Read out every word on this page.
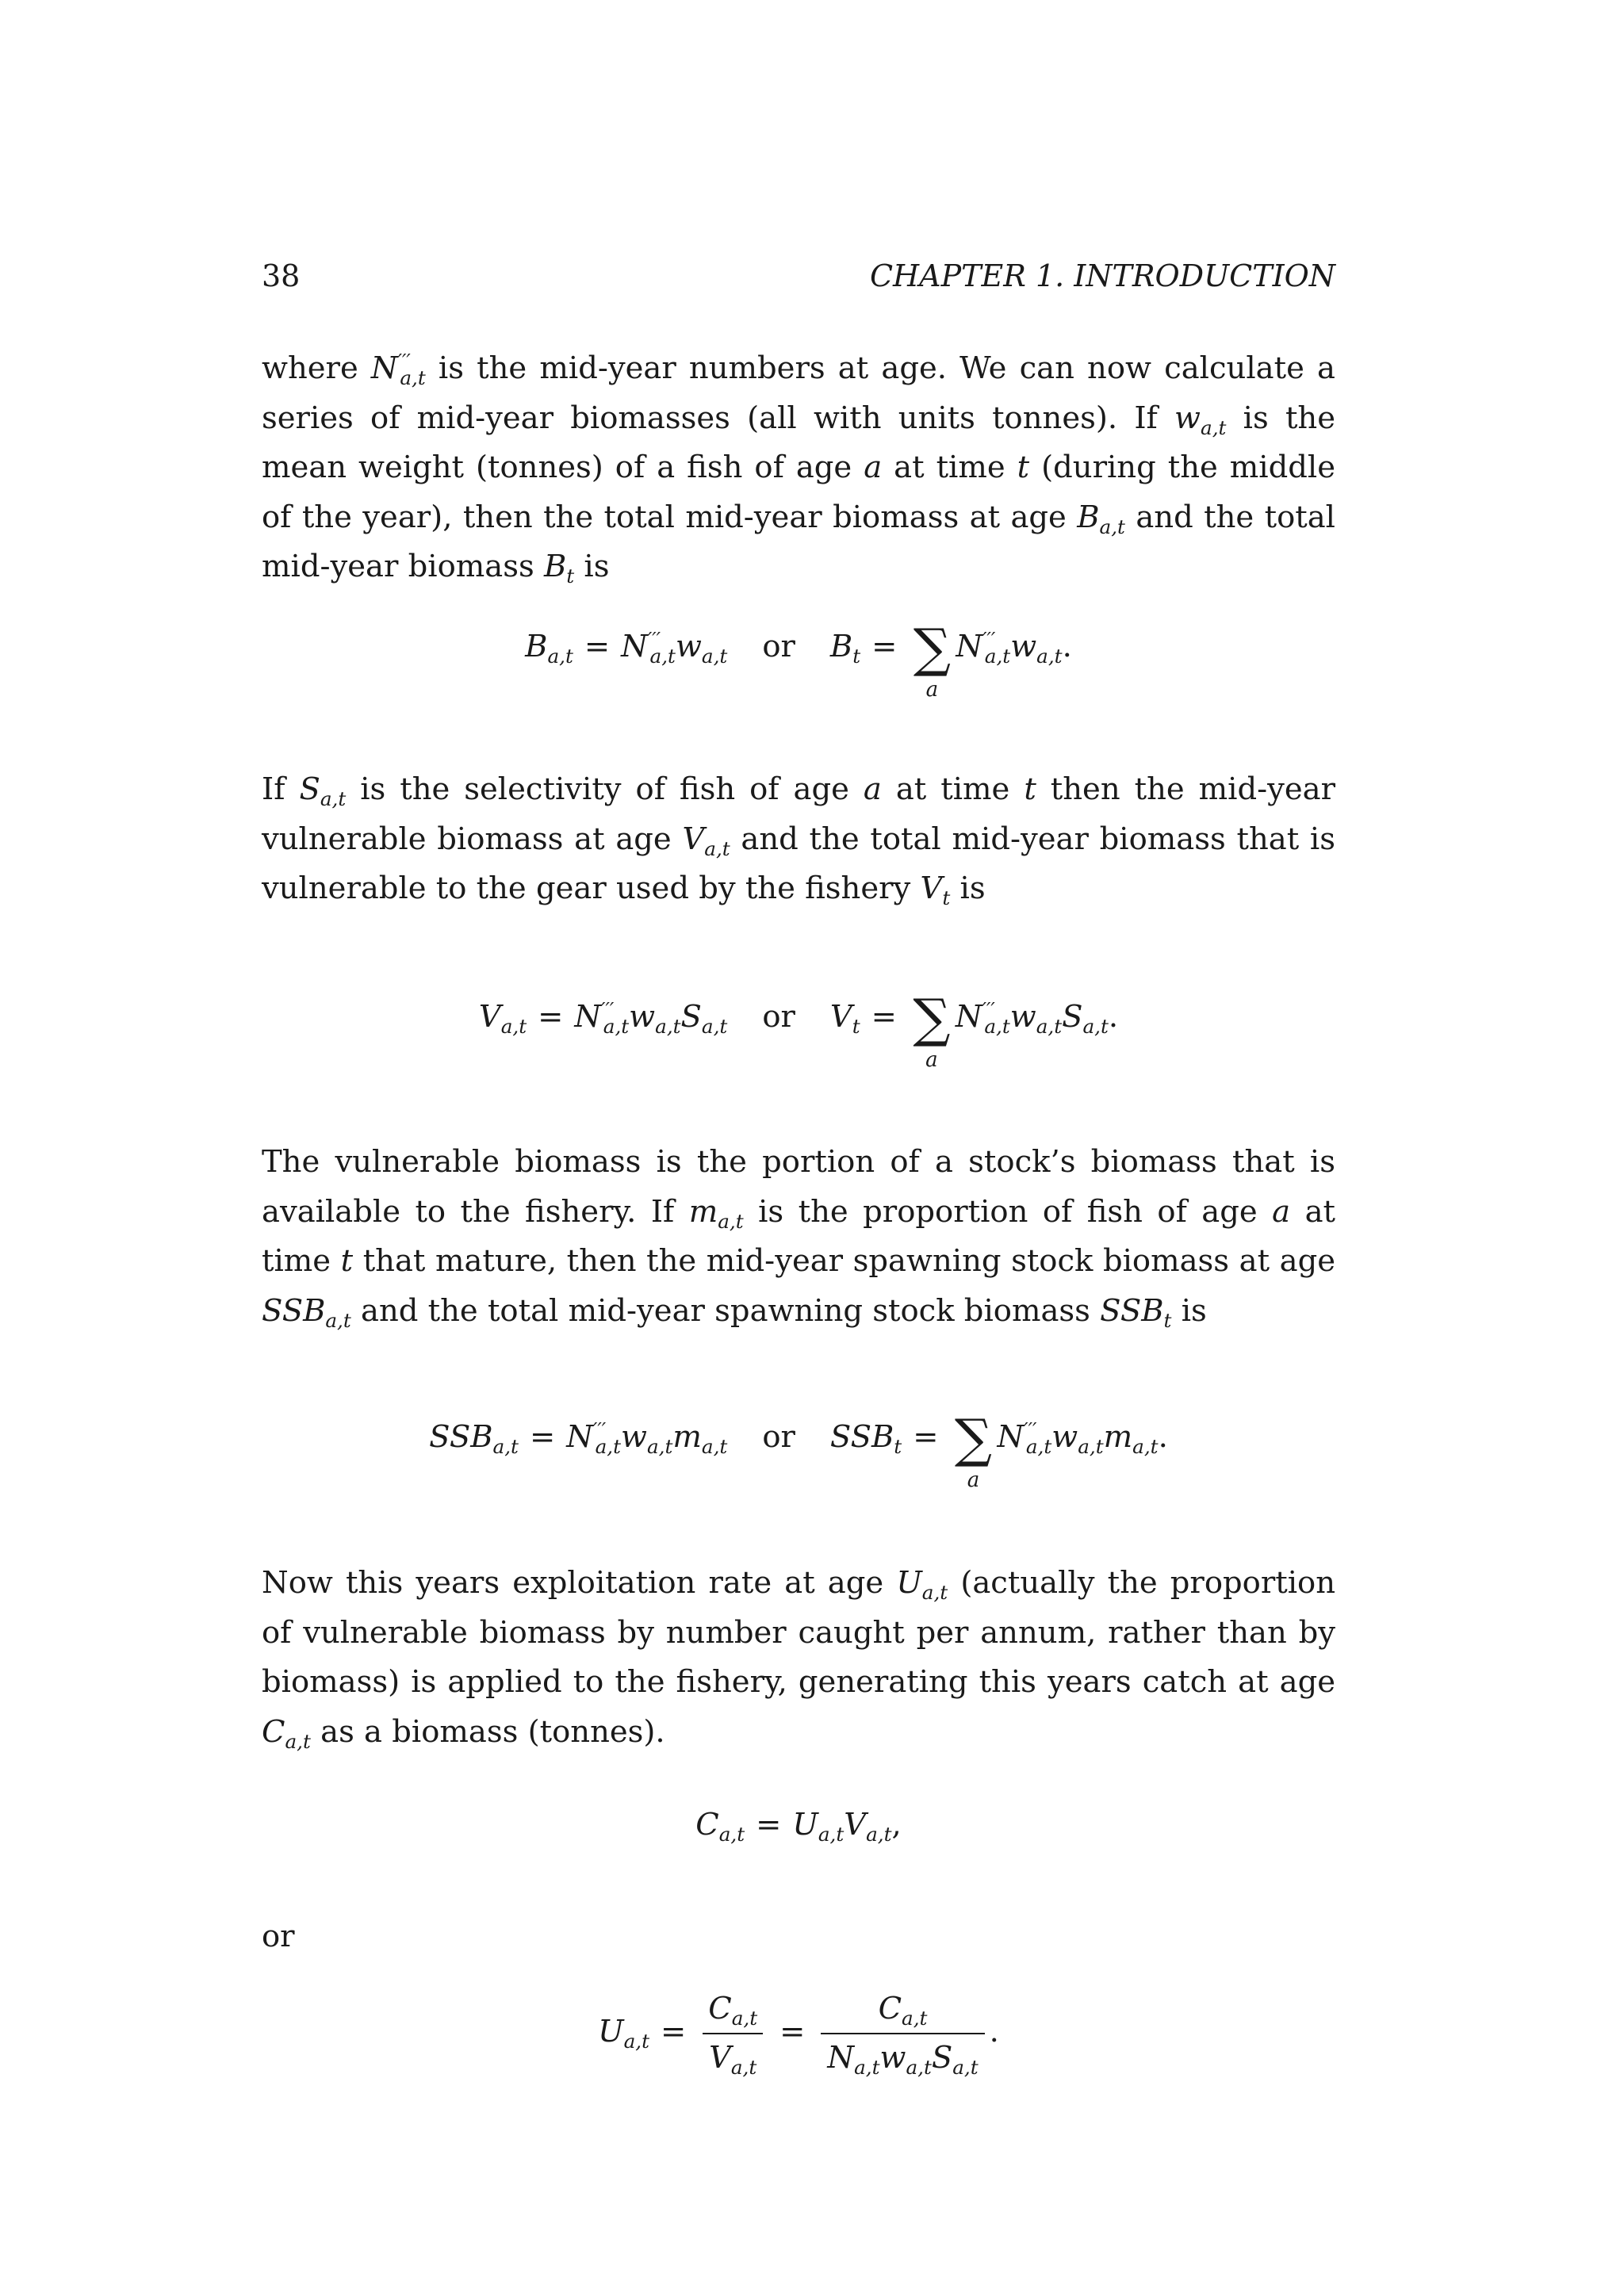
38	CHAPTER 1. INTRODUCTION

where $N'''_{a,t}$ is the mid-year numbers at age. We can now calculate a series of mid-year biomasses (all with units tonnes). If $w_{a,t}$ is the mean weight (tonnes) of a fish of age a at time t (during the middle of the year), then the total mid-year biomass at age $B_{a,t}$ and the total mid-year biomass $B_t$ is

$B_{a,t} = N'''_{a,t}w_{a,t}$ or $B_t$ = ∑
a
$N'''_{a,t}w_{a,t}$.

If $S_{a,t}$ is the selectivity of fish of age a at time t then the mid-year vulnerable biomass at age $V_{a,t}$ and the total mid-year biomass that is vulnerable to the gear used by the fishery $V_t$ is

$V_{a,t} = N'''_{a,t}w_{a,t}S_{a,t}$ or $V_t$ = ∑
a
$N'''_{a,t}w_{a,t}S_{a,t}$.

The vulnerable biomass is the portion of a stock’s biomass that is available to the fishery. If $m_{a,t}$ is the proportion of fish of age a at time t that mature, then the mid-year spawning stock biomass at age $SSB_{a,t}$ and the total mid-year spawning stock biomass $SSB_t$ is

$SSB_{a,t} = N'''_{a,t}w_{a,t}m_{a,t}$ or $SSB_t$ = ∑
a
$N'''_{a,t}w_{a,t}m_{a,t}$.

Now this years exploitation rate at age $U_{a,t}$ (actually the proportion of vulnerable biomass by number caught per annum, rather than by biomass) is applied to the fishery, generating this years catch at age $C_{a,t}$ as a biomass (tonnes).

$C_{a,t} = U_{a,t}V_{a,t}$,
or
$U_{a,t} = \frac{C_{a,t}}{V_{a,t}} = \frac{C_{a,t}}{N_{a,t}w_{a,t}S_{a,t}}$ .
